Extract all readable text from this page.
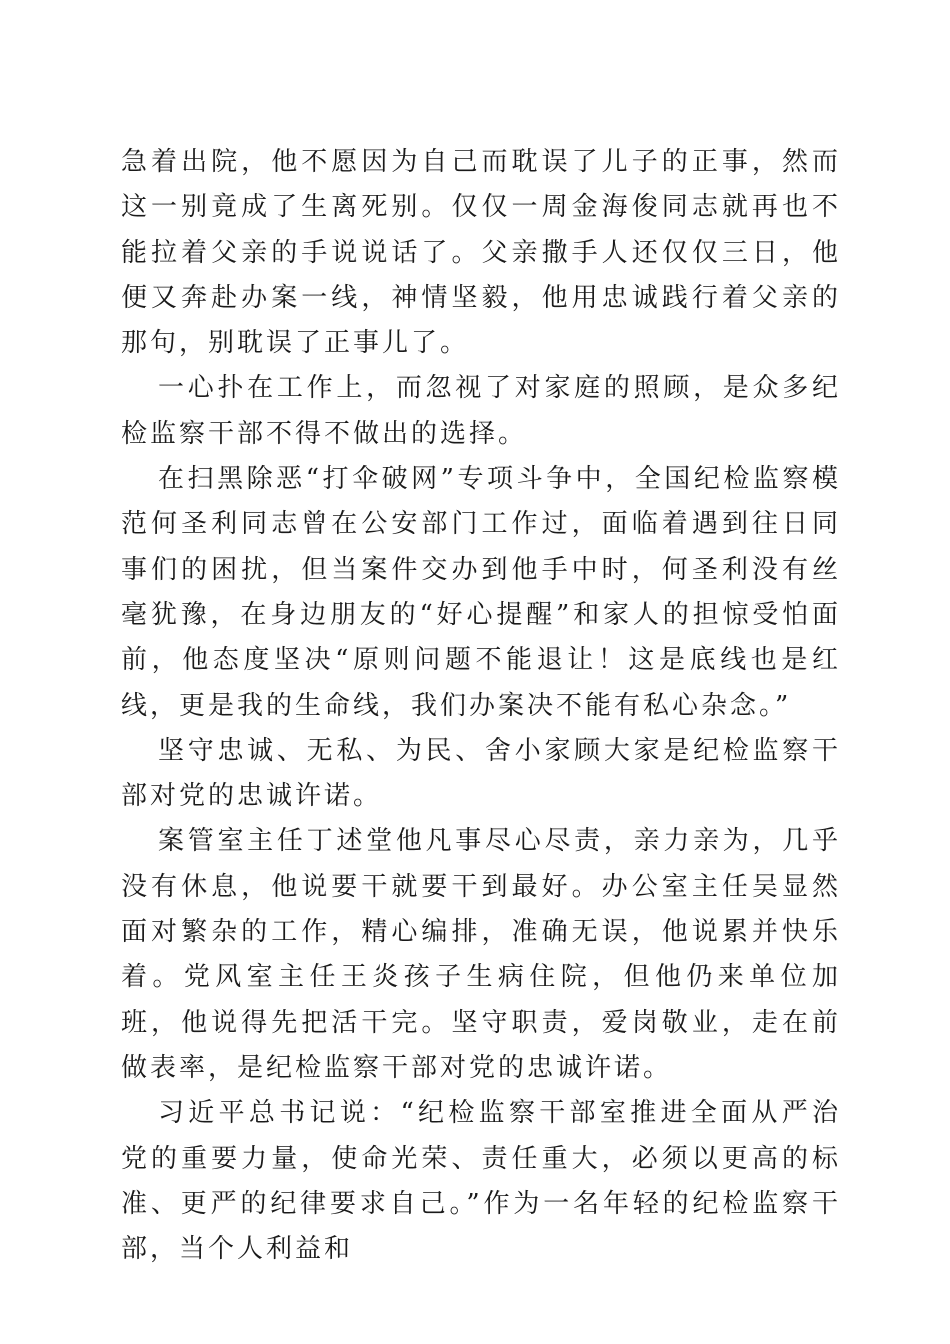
急着出院，他不愿因为自己而耽误了儿子的正事，然而这一别竟成了生离死别。仅仅一周金海俊同志就再也不能拉着父亲的手说说话了。父亲撒手人还仅仅三日，他便又奔赴办案一线，神情坚毅，他用忠诚践行着父亲的那句，别耽误了正事儿了。

一心扑在工作上，而忽视了对家庭的照顾，是众多纪检监察干部不得不做出的选择。

在扫黑除恶“打伞破网”专项斗争中，全国纪检监察模范何圣利同志曾在公安部门工作过，面临着遇到往日同事们的困扰，但当案件交办到他手中时，何圣利没有丝毫犹豫，在身边朋友的“好心提醒”和家人的担惊受怕面前，他态度坚决“原则问题不能退让！这是底线也是红线，更是我的生命线，我们办案决不能有私心杂念。”

坚守忠诚、无私、为民、舍小家顾大家是纪检监察干部对党的忠诚许诺。

案管室主任丁述堂他凡事尽心尽责，亲力亲为，几乎没有休息，他说要干就要干到最好。办公室主任吴显然面对繁杂的工作，精心编排，准确无误，他说累并快乐着。党风室主任王炎孩子生病住院，但他仍来单位加班，他说得先把活干完。坚守职责，爱岗敬业，走在前做表率，是纪检监察干部对党的忠诚许诺。

习近平总书记说：“纪检监察干部室推进全面从严治党的重要力量，使命光荣、责任重大，必须以更高的标准、更严的纪律要求自己。”作为一名年轻的纪检监察干部，当个人利益和
